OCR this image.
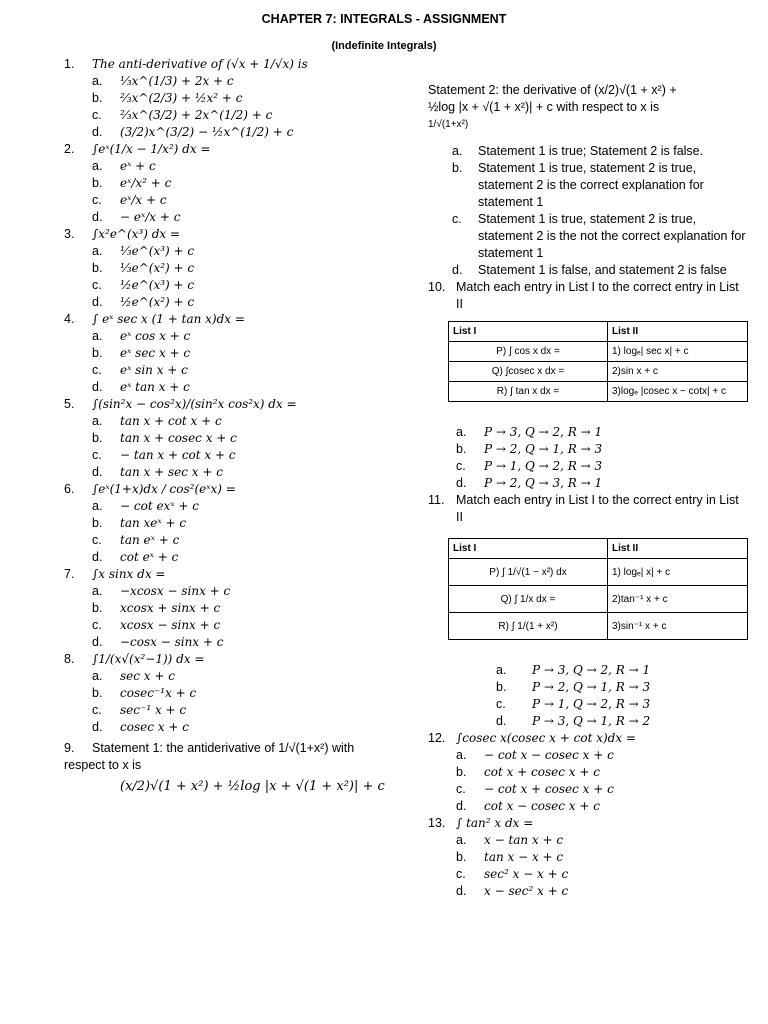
CHAPTER 7: INTEGRALS - ASSIGNMENT
(Indefinite Integrals)
1. The anti-derivative of (√x + 1/√x) is
a. ⅓x^(1/3) + 2x + c
b. ⅔x^(2/3) + ½x² + c
c. ⅔x^(3/2) + 2x^(1/2) + c
d. (3/2)x^(3/2) − ½x^(1/2) + c
2. ∫eˣ(1/x − 1/x²) dx =
a. eˣ + c
b. eˣ/x² + c
c. eˣ/x + c
d. − eˣ/x + c
3. ∫x²e^(x³) dx =
a. ⅓e^(x³) + c
b. ⅓e^(x²) + c
c. ½e^(x³) + c
d. ½e^(x²) + c
4. ∫ eˣ sec x (1 + tan x)dx =
a. eˣ cos x + c
b. eˣ sec x + c
c. eˣ sin x + c
d. eˣ tan x + c
5. ∫(sin²x − cos²x)/(sin²x cos²x) dx =
a. tan x + cot x + c
b. tan x + cosec x + c
c. − tan x + cot x + c
d. tan x + sec x + c
6. ∫eˣ(1+x)dx / cos²(eˣx) =
a. − cot exˣ + c
b. tan xeˣ + c
c. tan eˣ + c
d. cot eˣ + c
7. ∫x sinx dx =
a. −xcosx − sinx + c
b. xcosx + sinx + c
c. xcosx − sinx + c
d. −cosx − sinx + c
8. ∫1/(x√(x²−1)) dx =
a. sec x + c
b. cosec⁻¹x + c
c. sec⁻¹ x + c
d. cosec x + c
9. Statement 1: the antiderivative of 1/√(1+x²) with
respect to x is
(x/2)√(1 + x²) + ½log |x + √(1 + x²)| + c
Statement 2: the derivative of (x/2)√(1 + x²) +
½log |x + √(1 + x²)| + c with respect to x is
1/√(1+x²)
a. Statement 1 is true; Statement 2 is false.
b. Statement 1 is true, statement 2 is true, statement 2 is the correct explanation for statement 1
c. Statement 1 is true, statement 2 is true, statement 2 is the not the correct explanation for statement 1
d. Statement 1 is false, and statement 2 is false
10. Match each entry in List I to the correct entry in List II
List I	List II
P) ∫ cos x dx =	1) logₑ| sec x| + c
Q) ∫cosec x dx =	2)sin x + c
R) ∫ tan x dx =	3)logₑ |cosec x − cotx| + c
a. P → 3, Q → 2, R → 1
b. P → 2, Q → 1, R → 3
c. P → 1, Q → 2, R → 3
d. P → 2, Q → 3, R → 1
11. Match each entry in List I to the correct entry in List II
List I	List II
P) ∫ 1/√(1 − x²) dx	1) logₑ| x| + c
Q) ∫ 1/x dx =	2)tan⁻¹ x + c
R) ∫ 1/(1 + x²)	3)sin⁻¹ x + c
a. P → 3, Q → 2, R → 1
b. P → 2, Q → 1, R → 3
c. P → 1, Q → 2, R → 3
d. P → 3, Q → 1, R → 2
12. ∫cosec x(cosec x + cot x)dx =
a. − cot x − cosec x + c
b. cot x + cosec x + c
c. − cot x + cosec x + c
d. cot x − cosec x + c
13. ∫ tan² x dx =
a. x − tan x + c
b. tan x − x + c
c. sec² x − x + c
d. x − sec² x + c
